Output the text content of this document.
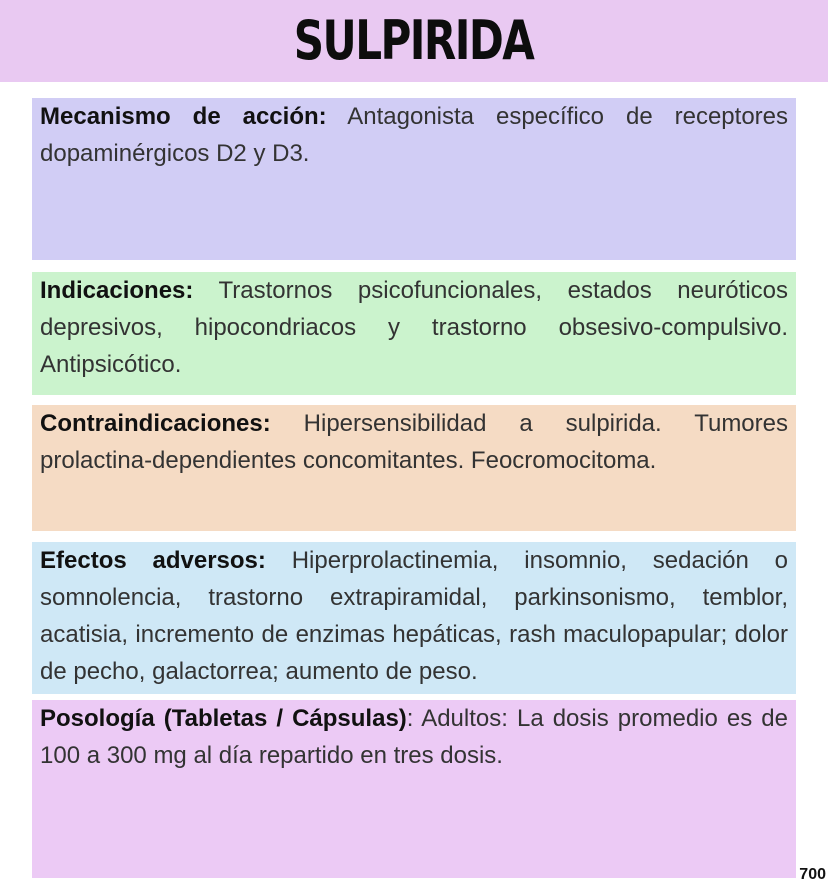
SULPIRIDA
Mecanismo de acción: Antagonista específico de receptores dopaminérgicos D2 y D3.
Indicaciones: Trastornos psicofuncionales, estados neuróticos depresivos, hipocondriacos y trastorno obsesivo-compulsivo. Antipsicótico.
Contraindicaciones: Hipersensibilidad a sulpirida. Tumores prolactina-dependientes concomitantes. Feocromocitoma.
Efectos adversos: Hiperprolactinemia, insomnio, sedación o somnolencia, trastorno extrapiramidal, parkinsonismo, temblor, acatisia, incremento de enzimas hepáticas, rash maculopapular; dolor de pecho, galactorrea; aumento de peso.
Posología (Tabletas / Cápsulas): Adultos: La dosis promedio es de 100 a 300 mg al día repartido en tres dosis.
700
